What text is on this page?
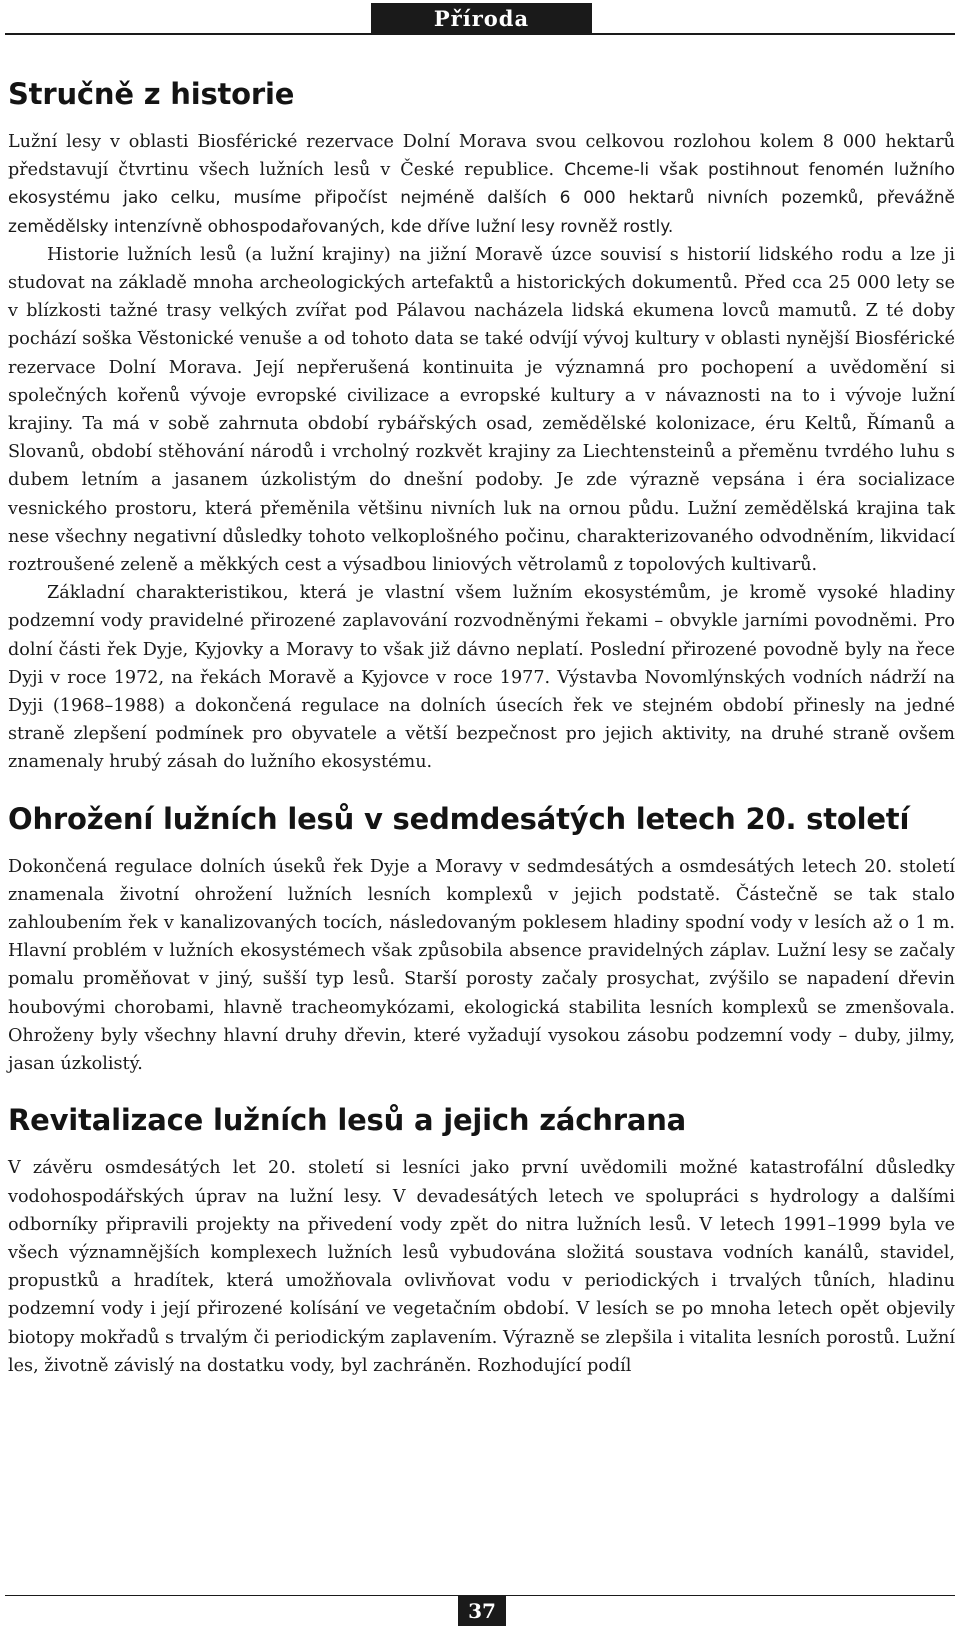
Příroda
Stručně z historie

Lužní lesy v oblasti Biosférické rezervace Dolní Morava svou celkovou rozlohou kolem 8 000 hektarů představují čtvrtinu všech lužních lesů v České republice. Chceme-li však postihnout fenomén lužního ekosystému jako celku, musíme připočíst nejméně dalších 6 000 hektarů nivních pozemků, převážně zemědělsky intenzívně obhospodařovaných, kde dříve lužní lesy rovněž rostly.

Historie lužních lesů (a lužní krajiny) na jižní Moravě úzce souvisí s historií lidského rodu a lze ji studovat na základě mnoha archeologických artefaktů a historických dokumentů. Před cca 25 000 lety se v blízkosti tažné trasy velkých zvířat pod Pálavou nacházela lidská ekumena lovců mamutů. Z té doby pochází soška Věstonické venuše a od tohoto data se také odvíjí vývoj kultury v oblasti nynější Biosférické rezervace Dolní Morava. Její nepřerušená kontinuita je významná pro pochopení a uvědomění si společných kořenů vývoje evropské civilizace a evropské kultury a v návaznosti na to i vývoje lužní krajiny. Ta má v sobě zahrnuta období rybářských osad, zemědělské kolonizace, éru Keltů, Římanů a Slovanů, období stěhování národů i vrcholný rozkvět krajiny za Liechtensteinů a přeměnu tvrdého luhu s dubem letním a jasanem úzkolistým do dnešní podoby. Je zde výrazně vepsána i éra socializace vesnického prostoru, která přeměnila většinu nivních luk na ornou půdu. Lužní zemědělská krajina tak nese všechny negativní důsledky tohoto velkoplošného počinu, charakterizovaného odvodněním, likvidací roztroušené zeleně a měkkých cest a výsadbou liniových větrolamů z topolových kultivarů.

Základní charakteristikou, která je vlastní všem lužním ekosystémům, je kromě vysoké hladiny podzemní vody pravidelné přirozené zaplavování rozvodněnými řekami – obvykle jarními povodněmi. Pro dolní části řek Dyje, Kyjovky a Moravy to však již dávno neplatí. Poslední přirozené povodně byly na řece Dyji v roce 1972, na řekách Moravě a Kyjovce v roce 1977. Výstavba Novomlýnských vodních nádrží na Dyji (1968–1988) a dokončená regulace na dolních úsecích řek ve stejném období přinesly na jedné straně zlepšení podmínek pro obyvatele a větší bezpečnost pro jejich aktivity, na druhé straně ovšem znamenaly hrubý zásah do lužního ekosystému.

Ohrožení lužních lesů v sedmdesátých letech 20. století

Dokončená regulace dolních úseků řek Dyje a Moravy v sedmdesátých a osmdesátých letech 20. století znamenala životní ohrožení lužních lesních komplexů v jejich podstatě. Částečně se tak stalo zahloubením řek v kanalizovaných tocích, následovaným poklesem hladiny spodní vody v lesích až o 1 m. Hlavní problém v lužních ekosystémech však způsobila absence pravidelných záplav. Lužní lesy se začaly pomalu proměňovat v jiný, sušší typ lesů. Starší porosty začaly prosychat, zvýšilo se napadení dřevin houbovými chorobami, hlavně tracheomykózami, ekologická stabilita lesních komplexů se zmenšovala. Ohroženy byly všechny hlavní druhy dřevin, které vyžadují vysokou zásobu podzemní vody – duby, jilmy, jasan úzkolistý.

Revitalizace lužních lesů a jejich záchrana

V závěru osmdesátých let 20. století si lesníci jako první uvědomili možné katastrofální důsledky vodohospodářských úprav na lužní lesy. V devadesátých letech ve spolupráci s hydrology a dalšími odborníky připravili projekty na přivedení vody zpět do nitra lužních lesů. V letech 1991–1999 byla ve všech významnějších komplexech lužních lesů vybudována složitá soustava vodních kanálů, stavidel, propustků a hradítek, která umožňovala ovlivňovat vodu v periodických i trvalých tůních, hladinu podzemní vody i její přirozené kolísání ve vegetačním období. V lesích se po mnoha letech opět objevily biotopy mokřadů s trvalým či periodickým zaplavením. Výrazně se zlepšila i vitalita lesních porostů. Lužní les, životně závislý na dostatku vody, byl zachráněn. Rozhodující podíl

37
